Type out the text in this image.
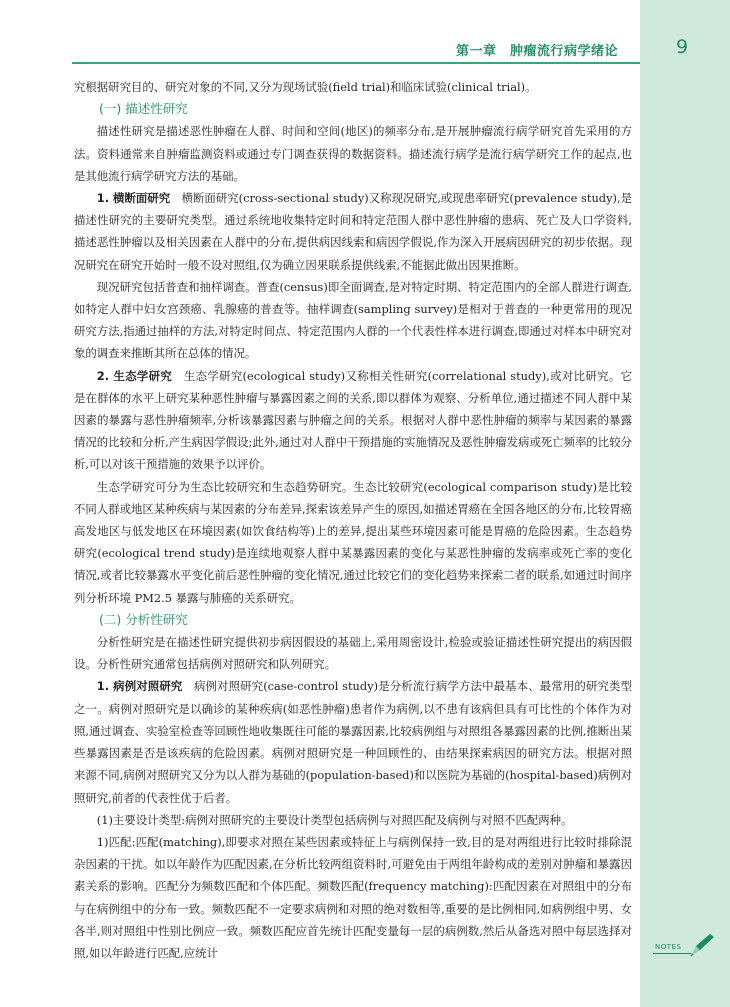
第一章　肿瘤流行病学绪论	9

究根据研究目的、研究对象的不同,又分为现场试验(field trial)和临床试验(clinical trial)。

(一) 描述性研究

描述性研究是描述恶性肿瘤在人群、时间和空间(地区)的频率分布,是开展肿瘤流行病学研究首先采用的方法。资料通常来自肿瘤监测资料或通过专门调查获得的数据资料。描述流行病学是流行病学研究工作的起点,也是其他流行病学研究方法的基础。

1. 横断面研究　 横断面研究(cross-sectional study)又称现况研究,或现患率研究(prevalence study),是描述性研究的主要研究类型。通过系统地收集特定时间和特定范围人群中恶性肿瘤的患病、死亡及人口学资料,描述恶性肿瘤以及相关因素在人群中的分布,提供病因线索和病因学假说,作为深入开展病因研究的初步依据。现况研究在研究开始时一般不设对照组,仅为确立因果联系提供线索,不能据此做出因果推断。

现况研究包括普查和抽样调查。普查(census)即全面调查,是对特定时期、特定范围内的全部人群进行调查,如特定人群中妇女宫颈癌、乳腺癌的普查等。抽样调查(sampling survey)是相对于普查的一种更常用的现况研究方法,指通过抽样的方法,对特定时间点、特定范围内人群的一个代表性样本进行调查,即通过对样本中研究对象的调查来推断其所在总体的情况。

2. 生态学研究　 生态学研究(ecological study)又称相关性研究(correlational study),或对比研究。它是在群体的水平上研究某种恶性肿瘤与暴露因素之间的关系,即以群体为观察、分析单位,通过描述不同人群中某因素的暴露与恶性肿瘤频率,分析该暴露因素与肿瘤之间的关系。根据对人群中恶性肿瘤的频率与某因素的暴露情况的比较和分析,产生病因学假设;此外,通过对人群中干预措施的实施情况及恶性肿瘤发病或死亡频率的比较分析,可以对该干预措施的效果予以评价。

生态学研究可分为生态比较研究和生态趋势研究。生态比较研究(ecological comparison study)是比较不同人群或地区某种疾病与某因素的分布差异,探索该差异产生的原因,如描述胃癌在全国各地区的分布,比较胃癌高发地区与低发地区在环境因素(如饮食结构等)上的差异,提出某些环境因素可能是胃癌的危险因素。生态趋势研究(ecological trend study)是连续地观察人群中某暴露因素的变化与某恶性肿瘤的发病率或死亡率的变化情况,或者比较暴露水平变化前后恶性肿瘤的变化情况,通过比较它们的变化趋势来探索二者的联系,如通过时间序列分析环境 PM2.5 暴露与肺癌的关系研究。

(二) 分析性研究

分析性研究是在描述性研究提供初步病因假设的基础上,采用周密设计,检验或验证描述性研究提出的病因假设。分析性研究通常包括病例对照研究和队列研究。

1. 病例对照研究　 病例对照研究(case-control study)是分析流行病学方法中最基本、最常用的研究类型之一。病例对照研究是以确诊的某种疾病(如恶性肿瘤)患者作为病例,以不患有该病但具有可比性的个体作为对照,通过调查、实验室检查等回顾性地收集既往可能的暴露因素,比较病例组与对照组各暴露因素的比例,推断出某些暴露因素是否是该疾病的危险因素。病例对照研究是一种回顾性的、由结果探索病因的研究方法。根据对照来源不同,病例对照研究又分为以人群为基础的(population-based)和以医院为基础的(hospital-based)病例对照研究,前者的代表性优于后者。

(1)主要设计类型:病例对照研究的主要设计类型包括病例与对照匹配及病例与对照不匹配两种。

1)匹配:匹配(matching),即要求对照在某些因素或特征上与病例保持一致,目的是对两组进行比较时排除混杂因素的干扰。如以年龄作为匹配因素,在分析比较两组资料时,可避免由于两组年龄构成的差别对肿瘤和暴露因素关系的影响。匹配分为频数匹配和个体匹配。频数匹配(frequency matching):匹配因素在对照组中的分布与在病例组中的分布一致。频数匹配不一定要求病例和对照的绝对数相等,重要的是比例相同,如病例组中男、女各半,则对照组中性别比例应一致。频数匹配应首先统计匹配变量每一层的病例数,然后从备选对照中每层选择对照,如以年龄进行匹配,应统计	NOTES
